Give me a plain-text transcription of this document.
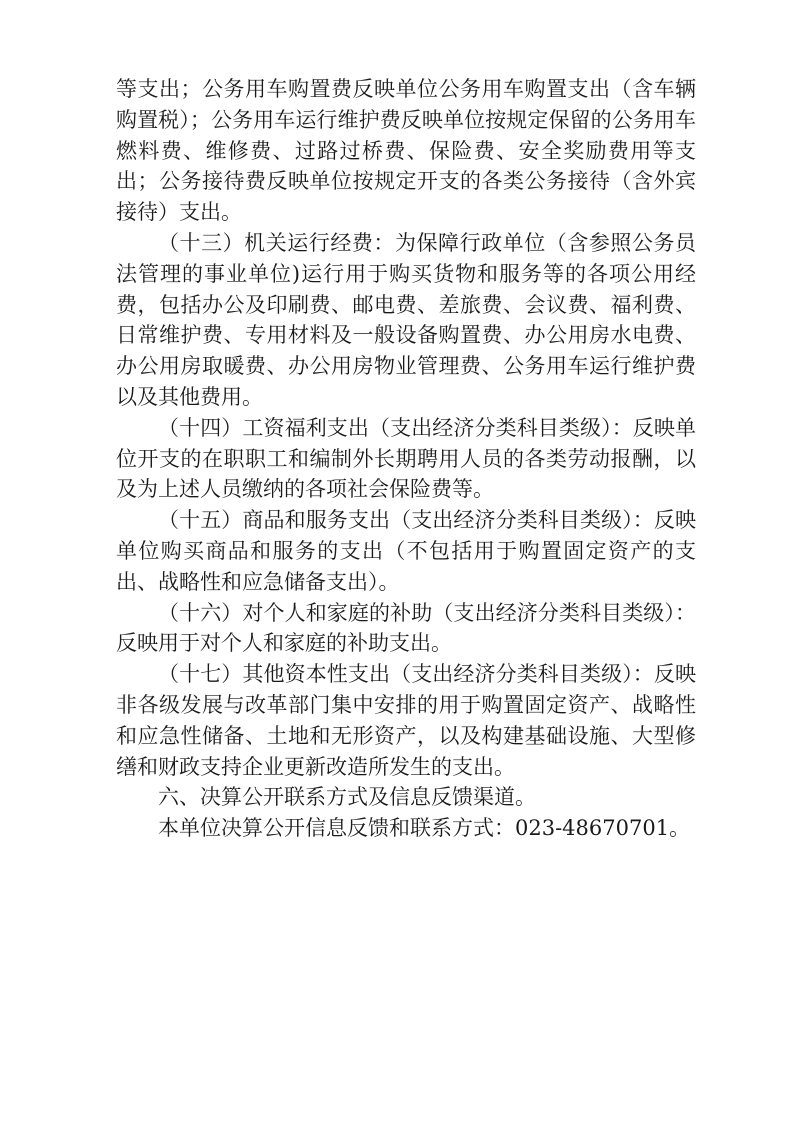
等支出；公务用车购置费反映单位公务用车购置支出（含车辆购置税）；公务用车运行维护费反映单位按规定保留的公务用车燃料费、维修费、过路过桥费、保险费、安全奖励费用等支出；公务接待费反映单位按规定开支的各类公务接待（含外宾接待）支出。

（十三）机关运行经费：为保障行政单位（含参照公务员法管理的事业单位)运行用于购买货物和服务等的各项公用经费，包括办公及印刷费、邮电费、差旅费、会议费、福利费、日常维护费、专用材料及一般设备购置费、办公用房水电费、办公用房取暖费、办公用房物业管理费、公务用车运行维护费以及其他费用。

（十四）工资福利支出（支出经济分类科目类级）：反映单位开支的在职职工和编制外长期聘用人员的各类劳动报酬，以及为上述人员缴纳的各项社会保险费等。

（十五）商品和服务支出（支出经济分类科目类级）：反映单位购买商品和服务的支出（不包括用于购置固定资产的支出、战略性和应急储备支出）。

（十六）对个人和家庭的补助（支出经济分类科目类级）：反映用于对个人和家庭的补助支出。

（十七）其他资本性支出（支出经济分类科目类级）：反映非各级发展与改革部门集中安排的用于购置固定资产、战略性和应急性储备、土地和无形资产，以及构建基础设施、大型修缮和财政支持企业更新改造所发生的支出。

六、决算公开联系方式及信息反馈渠道。

本单位决算公开信息反馈和联系方式：023-48670701。
